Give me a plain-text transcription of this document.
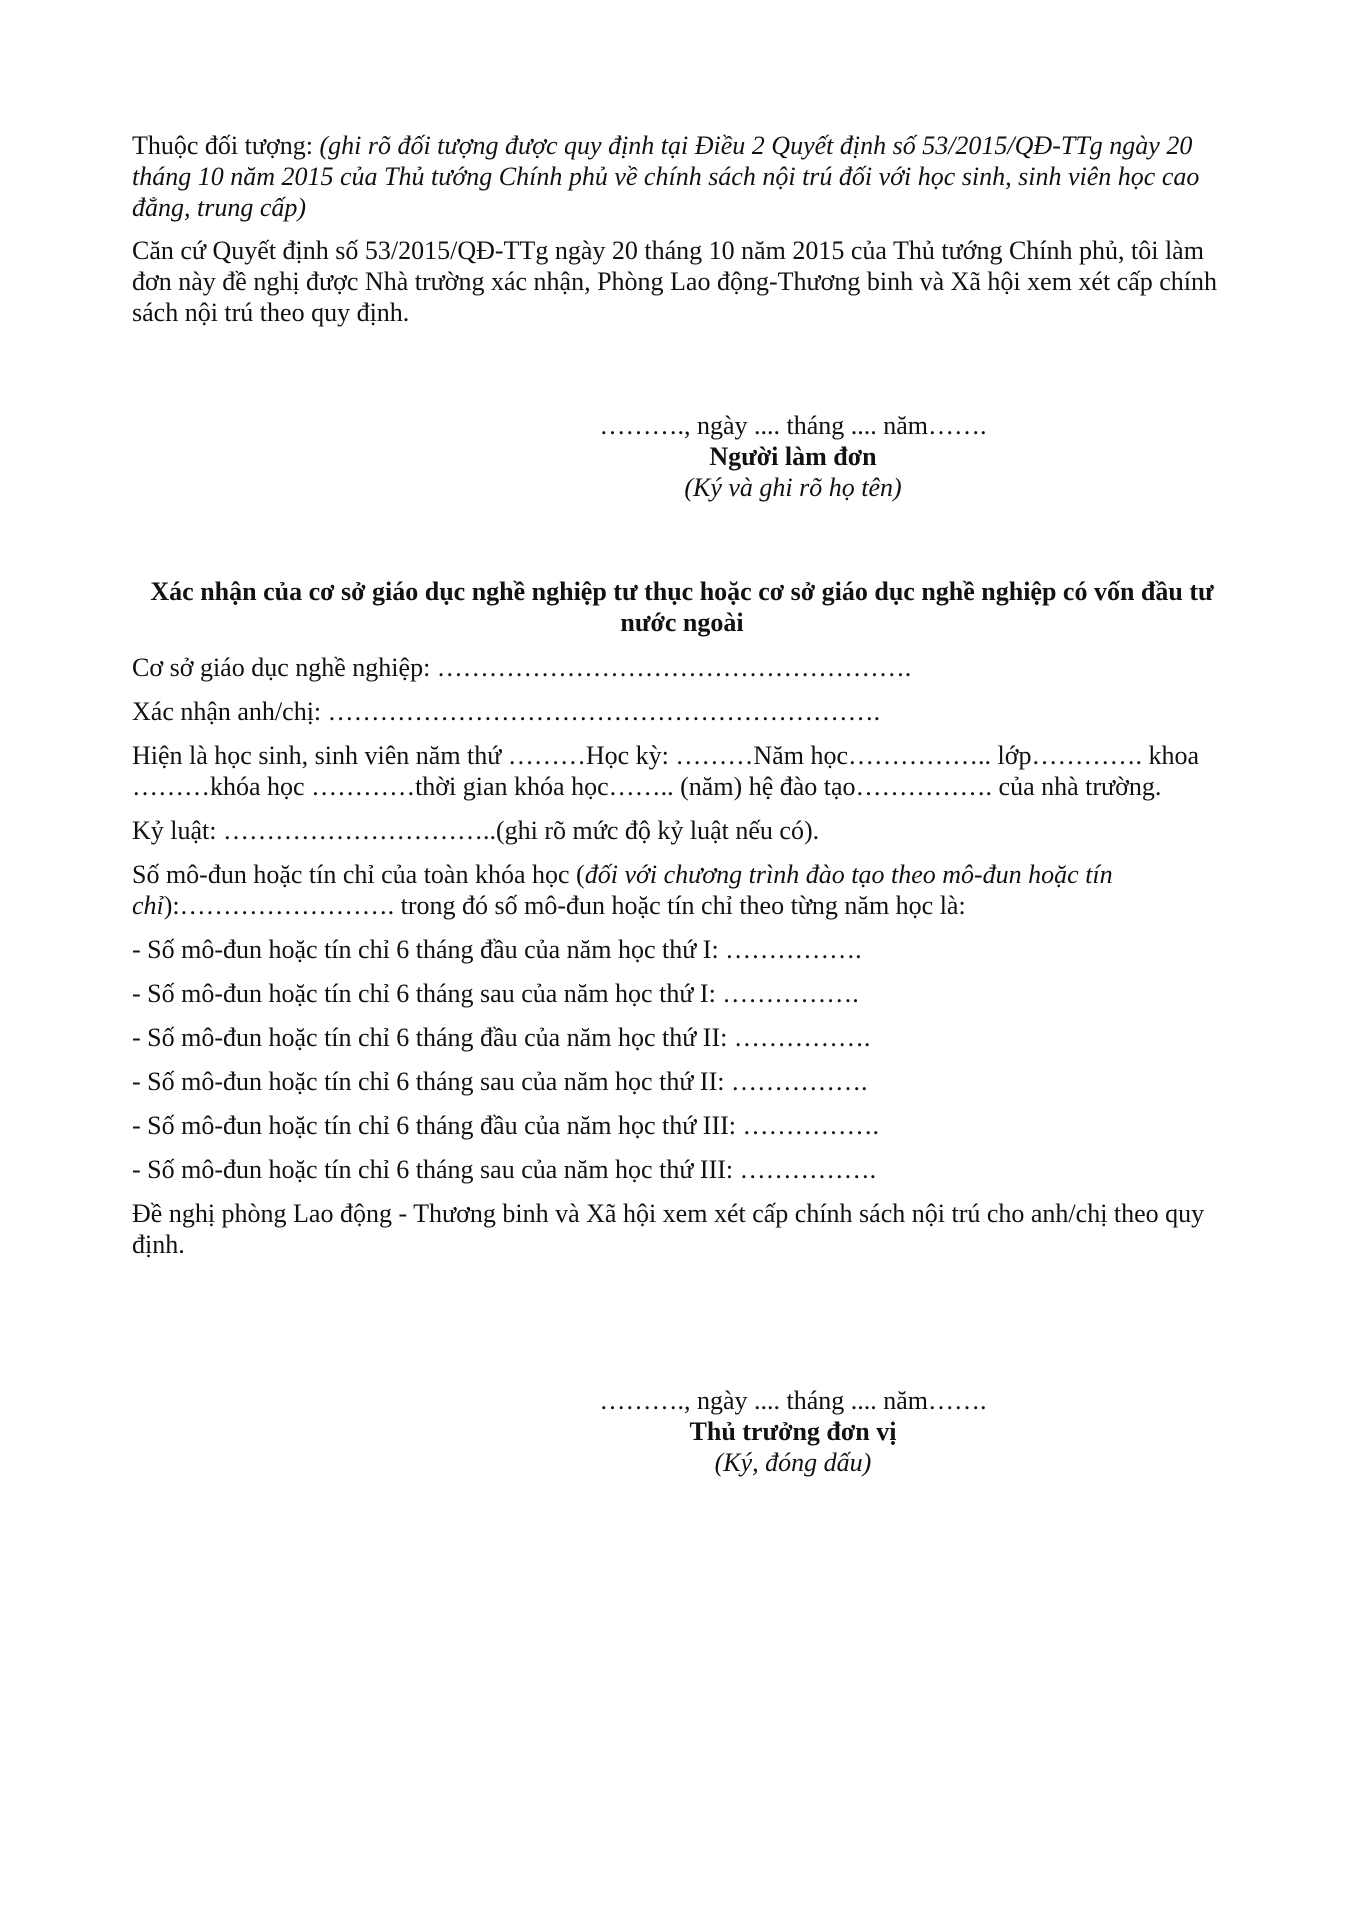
Thuộc đối tượng: (ghi rõ đối tượng được quy định tại Điều 2 Quyết định số 53/2015/QĐ-TTg ngày 20 tháng 10 năm 2015 của Thủ tướng Chính phủ về chính sách nội trú đối với học sinh, sinh viên học cao đẳng, trung cấp)

Căn cứ Quyết định số 53/2015/QĐ-TTg ngày 20 tháng 10 năm 2015 của Thủ tướng Chính phủ, tôi làm đơn này đề nghị được Nhà trường xác nhận, Phòng Lao động-Thương binh và Xã hội xem xét cấp chính sách nội trú theo quy định.

………., ngày .... tháng .... năm…….

Người làm đơn

(Ký và ghi rõ họ tên)

Xác nhận của cơ sở giáo dục nghề nghiệp tư thục hoặc cơ sở giáo dục nghề nghiệp có vốn đầu tư nước ngoài

Cơ sở giáo dục nghề nghiệp: ……………………………………………….

Xác nhận anh/chị: ……………………………………………………….

Hiện là học sinh, sinh viên năm thứ ………Học kỳ: ………Năm học…………….. lớp…………. khoa ………khóa học …………thời gian khóa học…….. (năm) hệ đào tạo……………. của nhà trường.

Kỷ luật: …………………………..(ghi rõ mức độ kỷ luật nếu có).

Số mô-đun hoặc tín chỉ của toàn khóa học (đối với chương trình đào tạo theo mô-đun hoặc tín chỉ):……………………. trong đó số mô-đun hoặc tín chỉ theo từng năm học là:

- Số mô-đun hoặc tín chỉ 6 tháng đầu của năm học thứ I: …………….

- Số mô-đun hoặc tín chỉ 6 tháng sau của năm học thứ I: …………….

- Số mô-đun hoặc tín chỉ 6 tháng đầu của năm học thứ II: …………….

- Số mô-đun hoặc tín chỉ 6 tháng sau của năm học thứ II: …………….

- Số mô-đun hoặc tín chỉ 6 tháng đầu của năm học thứ III: …………….

- Số mô-đun hoặc tín chỉ 6 tháng sau của năm học thứ III: …………….

Đề nghị phòng Lao động - Thương binh và Xã hội xem xét cấp chính sách nội trú cho anh/chị theo quy định.

………., ngày .... tháng .... năm…….

Thủ trưởng đơn vị

(Ký, đóng dấu)
